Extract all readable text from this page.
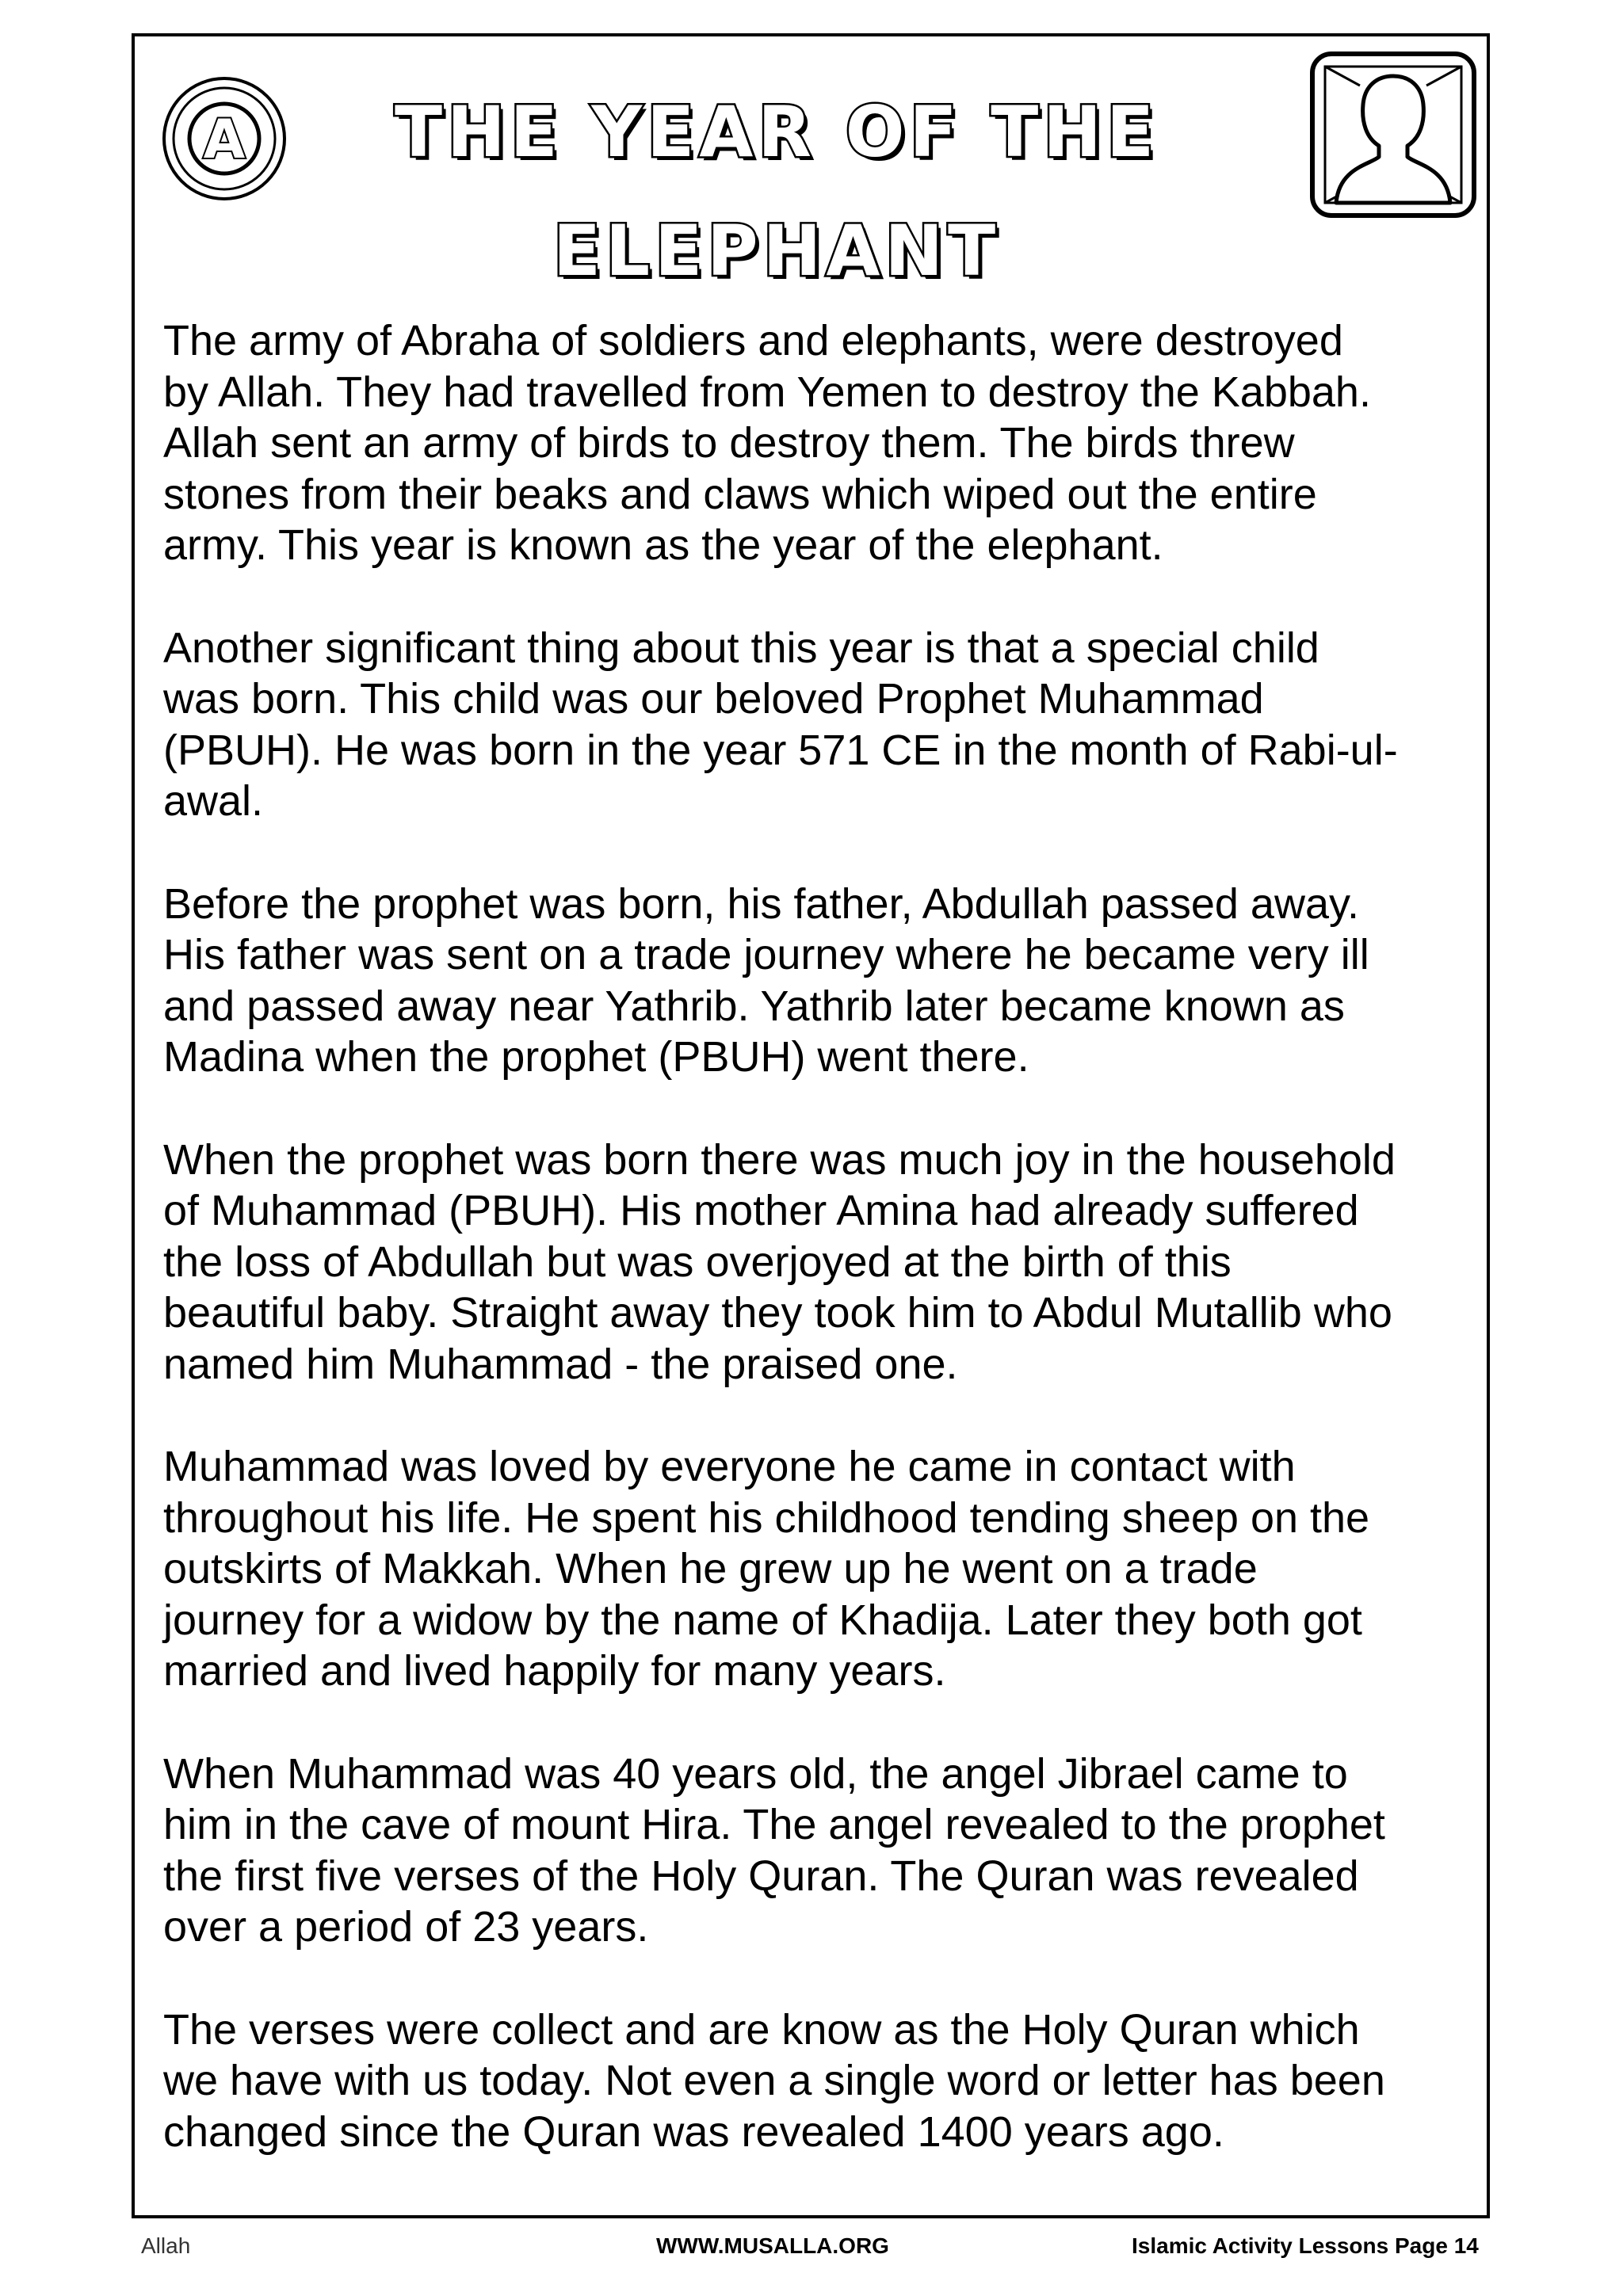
A	THE YEAR OF THE ELEPHANT

The army of Abraha of soldiers and elephants, were destroyed
by Allah. They had travelled from Yemen to destroy the Kabbah.
Allah sent an army of birds to destroy them. The birds threw
stones from their beaks and claws which wiped out the entire
army. This year is known as the year of the elephant.

Another significant thing about this year is that a special child
was born. This child was our beloved Prophet Muhammad
(PBUH). He was born in the year 571 CE in the month of Rabi-ul-
awal.

Before the prophet was born, his father, Abdullah passed away.
His father was sent on a trade journey where he became very ill
and passed away near Yathrib. Yathrib later became known as
Madina when the prophet (PBUH) went there.

When the prophet was born there was much joy in the household
of Muhammad (PBUH). His mother Amina had already suffered
the loss of Abdullah but was overjoyed at the birth of this
beautiful baby. Straight away they took him to Abdul Mutallib who
named him Muhammad - the praised one.

Muhammad was loved by everyone he came in contact with
throughout his life. He spent his childhood tending sheep on the
outskirts of Makkah. When he grew up he went on a trade
journey for a widow by the name of Khadija. Later they both got
married and lived happily for many years.

When Muhammad was 40 years old, the angel Jibrael came to
him in the cave of mount Hira. The angel revealed to the prophet
the first five verses of the Holy Quran. The Quran was revealed
over a period of 23 years.

The verses were collect and are know as the Holy Quran which
we have with us today. Not even a single word or letter has been
changed since the Quran was revealed 1400 years ago.

Allah	WWW.MUSALLA.ORG	Islamic Activity Lessons Page 14
